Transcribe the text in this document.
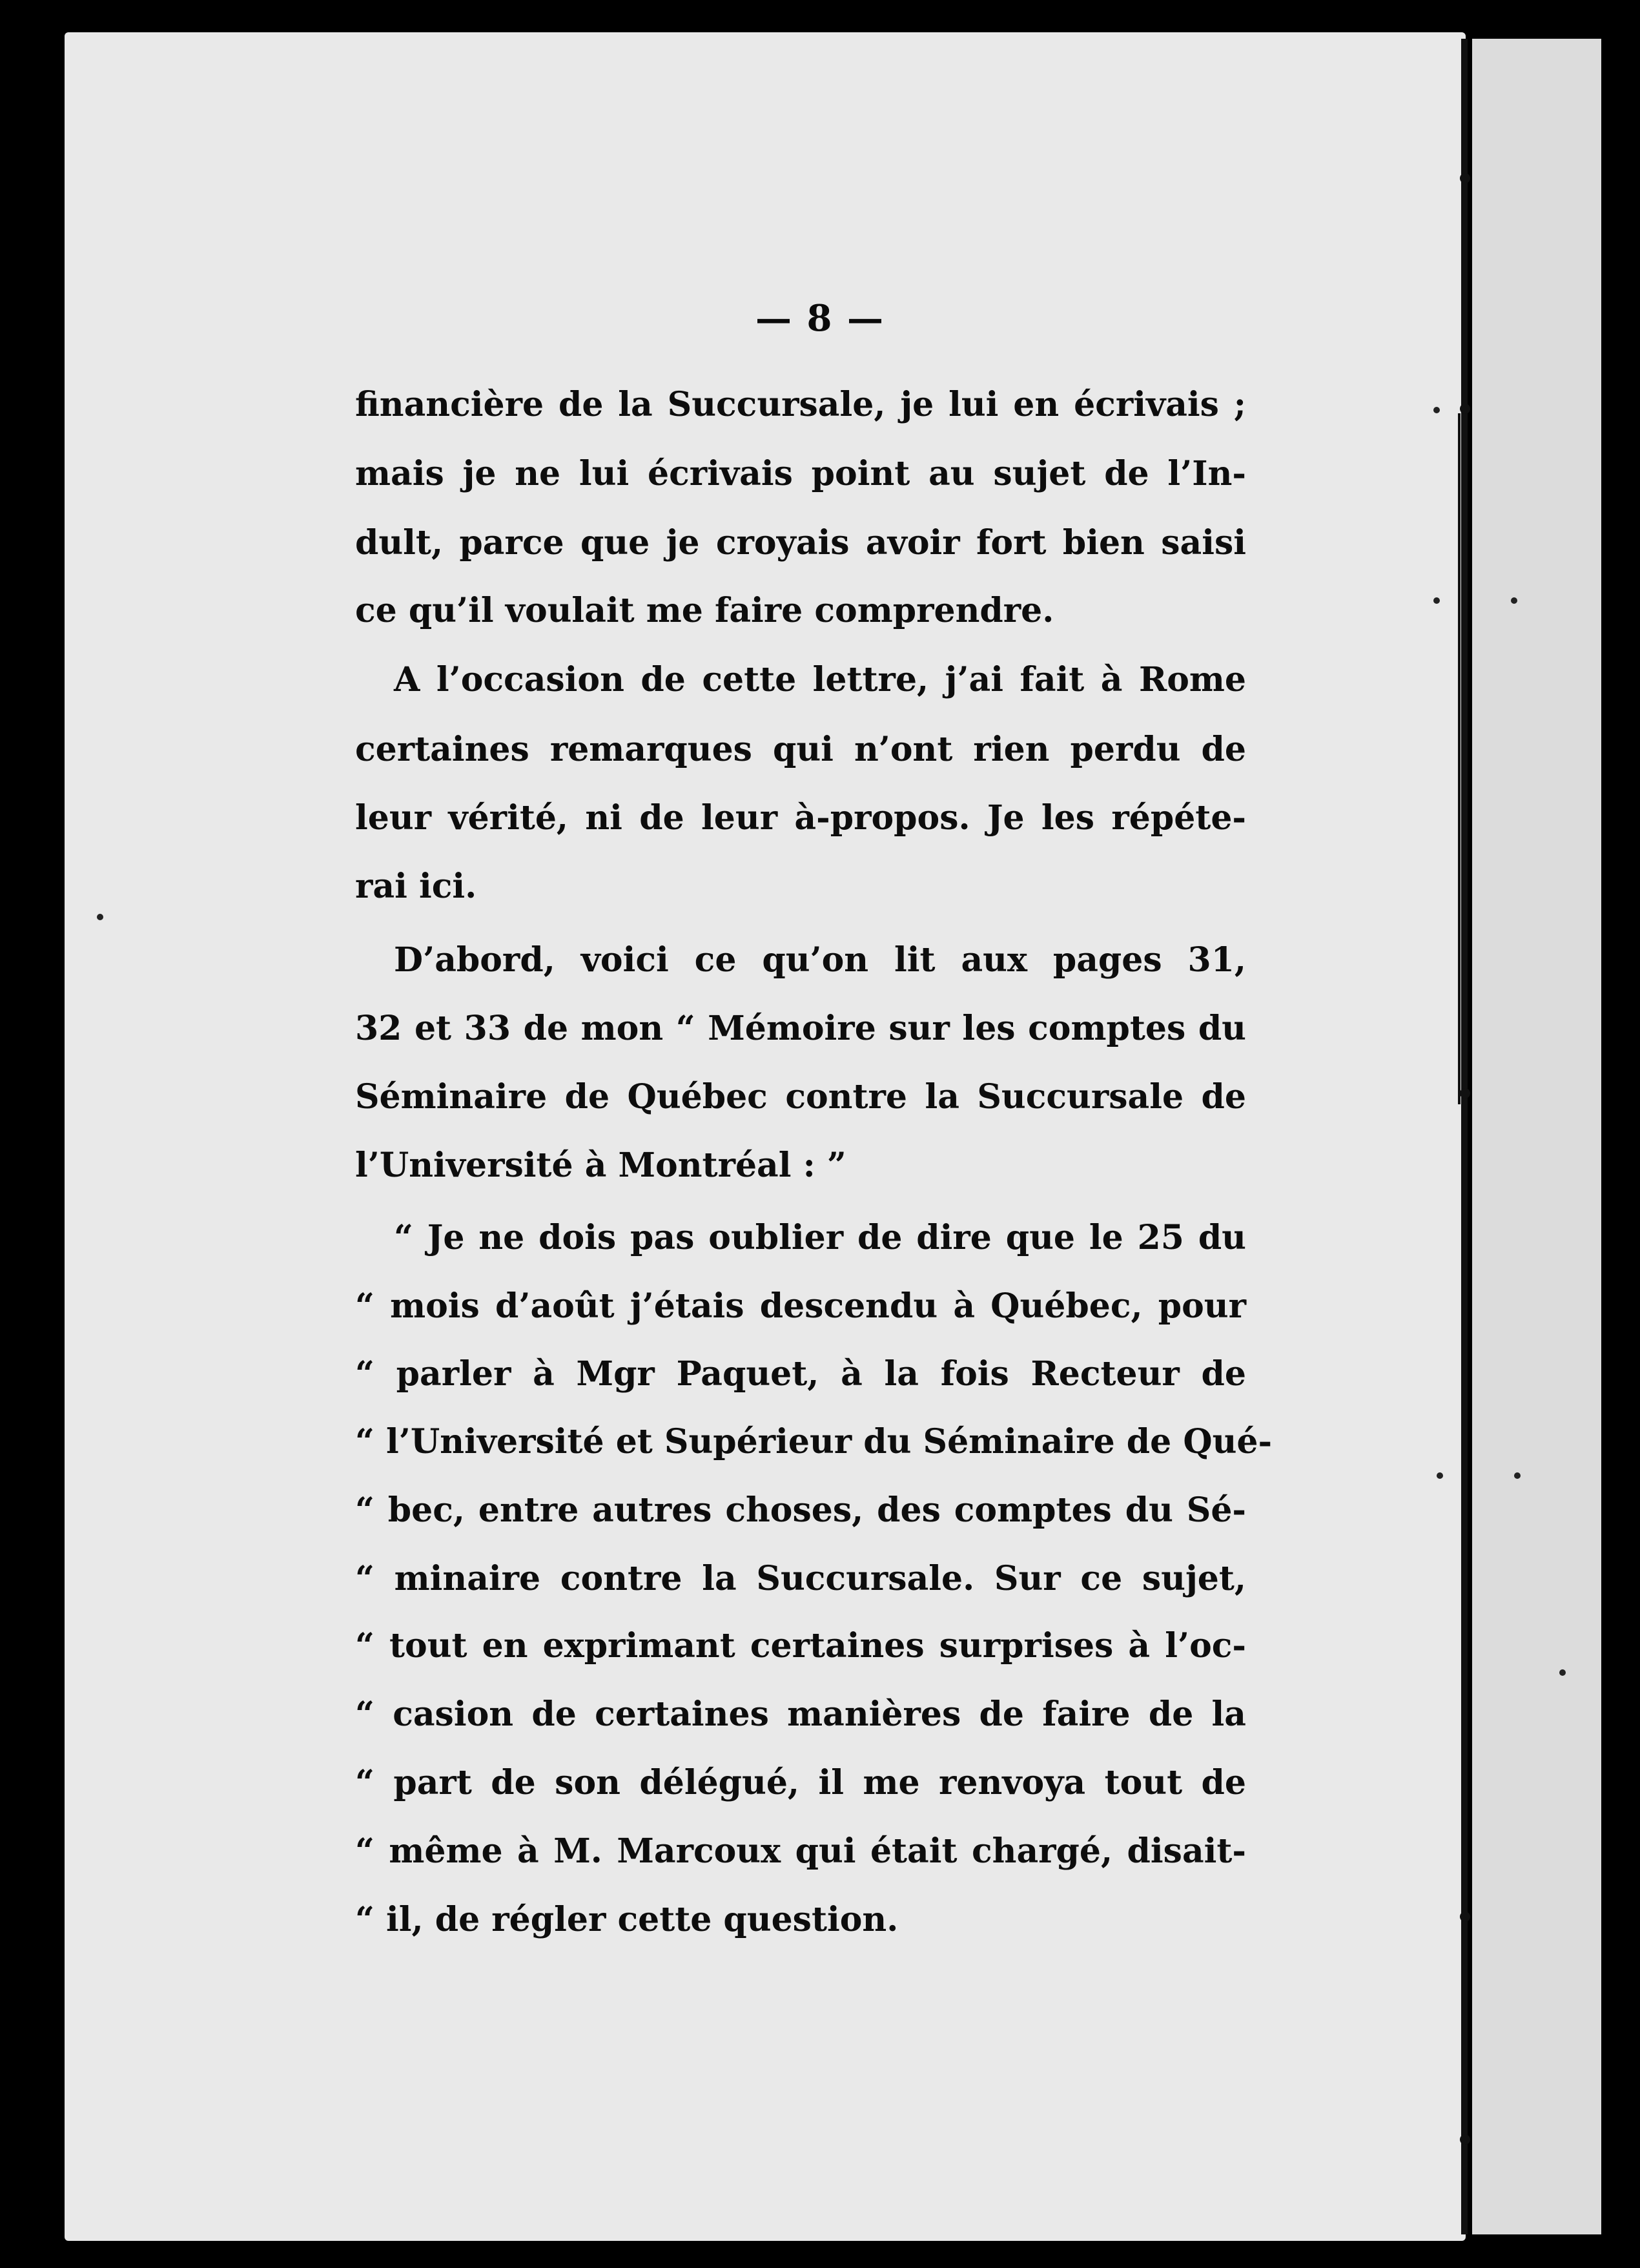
— 8 —
financière de la Succursale, je lui en écrivais ;
mais je ne lui écrivais point au sujet de l’In-
dult, parce que je croyais avoir fort bien saisi
ce qu’il voulait me faire comprendre.
A l’occasion de cette lettre, j’ai fait à Rome
certaines remarques qui n’ont rien perdu de
leur vérité, ni de leur à-propos. Je les répéte-
rai ici.
D’abord, voici ce qu’on lit aux pages 31,
32 et 33 de mon “ Mémoire sur les comptes du
Séminaire de Québec contre la Succursale de
l’Université à Montréal : ”
“ Je ne dois pas oublier de dire que le 25 du
“ mois d’août j’étais descendu à Québec, pour
“ parler à Mgr Paquet, à la fois Recteur de
“ l’Université et Supérieur du Séminaire de Qué-
“ bec, entre autres choses, des comptes du Sé-
“ minaire contre la Succursale. Sur ce sujet,
“ tout en exprimant certaines surprises à l’oc-
“ casion de certaines manières de faire de la
“ part de son délégué, il me renvoya tout de
“ même à M. Marcoux qui était chargé, disait-
“ il, de régler cette question.
